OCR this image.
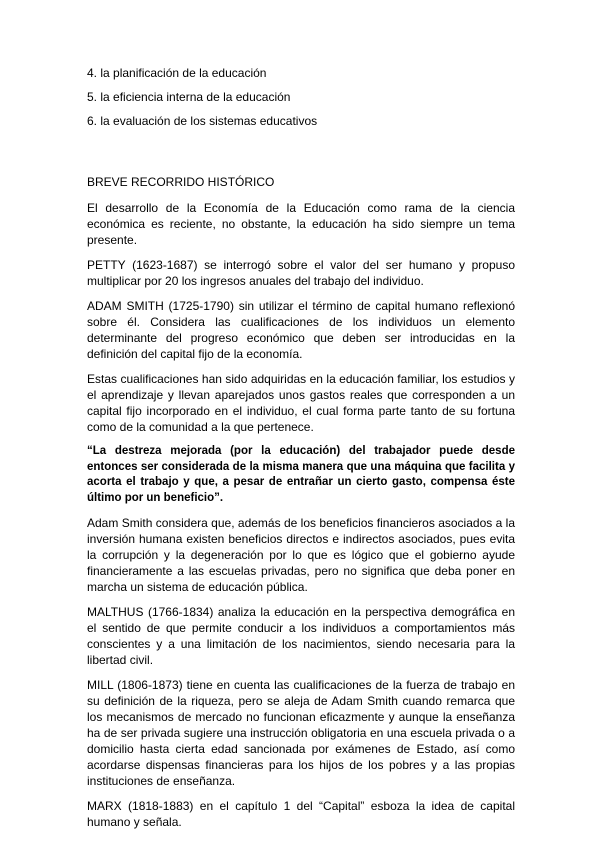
4. la planificación de la educación
5. la eficiencia interna de la educación
6. la evaluación de los sistemas educativos
BREVE RECORRIDO HISTÓRICO

El desarrollo de la Economía de la Educación como rama de la ciencia económica es reciente, no obstante, la educación ha sido siempre un tema presente.

PETTY (1623-1687) se interrogó sobre el valor del ser humano y propuso multiplicar por 20 los ingresos anuales del trabajo del individuo.

ADAM SMITH (1725-1790) sin utilizar el término de capital humano reflexionó sobre él. Considera las cualificaciones de los individuos un elemento determinante del progreso económico que deben ser introducidas en la definición del capital fijo de la economía.

Estas cualificaciones han sido adquiridas en la educación familiar, los estudios y el aprendizaje y llevan aparejados unos gastos reales que corresponden a un capital fijo incorporado en el individuo, el cual forma parte tanto de su fortuna como de la comunidad a la que pertenece.

“La destreza mejorada (por la educación) del trabajador puede desde entonces ser considerada de la misma manera que una máquina que facilita y acorta el trabajo y que, a pesar de entrañar un cierto gasto, compensa éste último por un beneficio”.

Adam Smith considera que, además de los beneficios financieros asociados a la inversión humana existen beneficios directos e indirectos asociados, pues evita la corrupción y la degeneración por lo que es lógico que el gobierno ayude financieramente a las escuelas privadas, pero no significa que deba poner en marcha un sistema de educación pública.

MALTHUS (1766-1834) analiza la educación en la perspectiva demográfica en el sentido de que permite conducir a los individuos a comportamientos más conscientes y a una limitación de los nacimientos, siendo necesaria para la libertad civil.

MILL (1806-1873) tiene en cuenta las cualificaciones de la fuerza de trabajo en su definición de la riqueza, pero se aleja de Adam Smith cuando remarca que los mecanismos de mercado no funcionan eficazmente y aunque la enseñanza ha de ser privada sugiere una instrucción obligatoria en una escuela privada o a domicilio hasta cierta edad sancionada por exámenes de Estado, así como acordarse dispensas financieras para los hijos de los pobres y a las propias instituciones de enseñanza.

MARX (1818-1883) en el capítulo 1 del “Capital” esboza la idea de capital humano y señala.
